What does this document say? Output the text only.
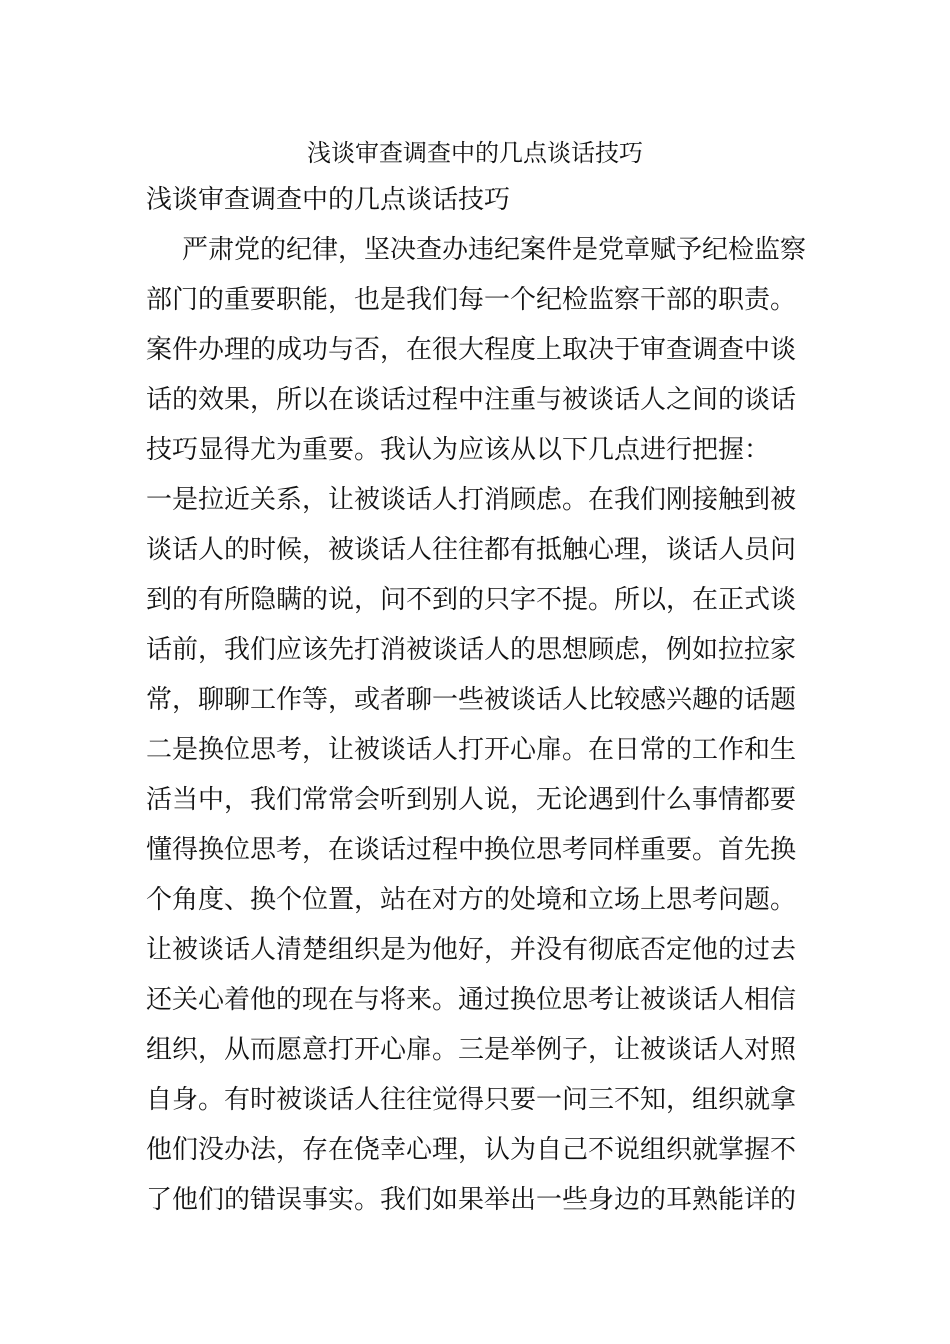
浅谈审查调查中的几点谈话技巧
浅谈审查调查中的几点谈话技巧
严肃党的纪律，坚决查办违纪案件是党章赋予纪检监察
部门的重要职能，也是我们每一个纪检监察干部的职责。
案件办理的成功与否，在很大程度上取决于审查调查中谈
话的效果，所以在谈话过程中注重与被谈话人之间的谈话
技巧显得尤为重要。我认为应该从以下几点进行把握：
一是拉近关系，让被谈话人打消顾虑。在我们刚接触到被
谈话人的时候，被谈话人往往都有抵触心理，谈话人员问
到的有所隐瞒的说，问不到的只字不提。所以，在正式谈
话前，我们应该先打消被谈话人的思想顾虑，例如拉拉家
常，聊聊工作等，或者聊一些被谈话人比较感兴趣的话题
二是换位思考，让被谈话人打开心扉。在日常的工作和生
活当中，我们常常会听到别人说，无论遇到什么事情都要
懂得换位思考，在谈话过程中换位思考同样重要。首先换
个角度、换个位置，站在对方的处境和立场上思考问题。
让被谈话人清楚组织是为他好，并没有彻底否定他的过去
还关心着他的现在与将来。通过换位思考让被谈话人相信
组织，从而愿意打开心扉。三是举例子，让被谈话人对照
自身。有时被谈话人往往觉得只要一问三不知，组织就拿
他们没办法，存在侥幸心理，认为自己不说组织就掌握不
了他们的错误事实。我们如果举出一些身边的耳熟能详的
